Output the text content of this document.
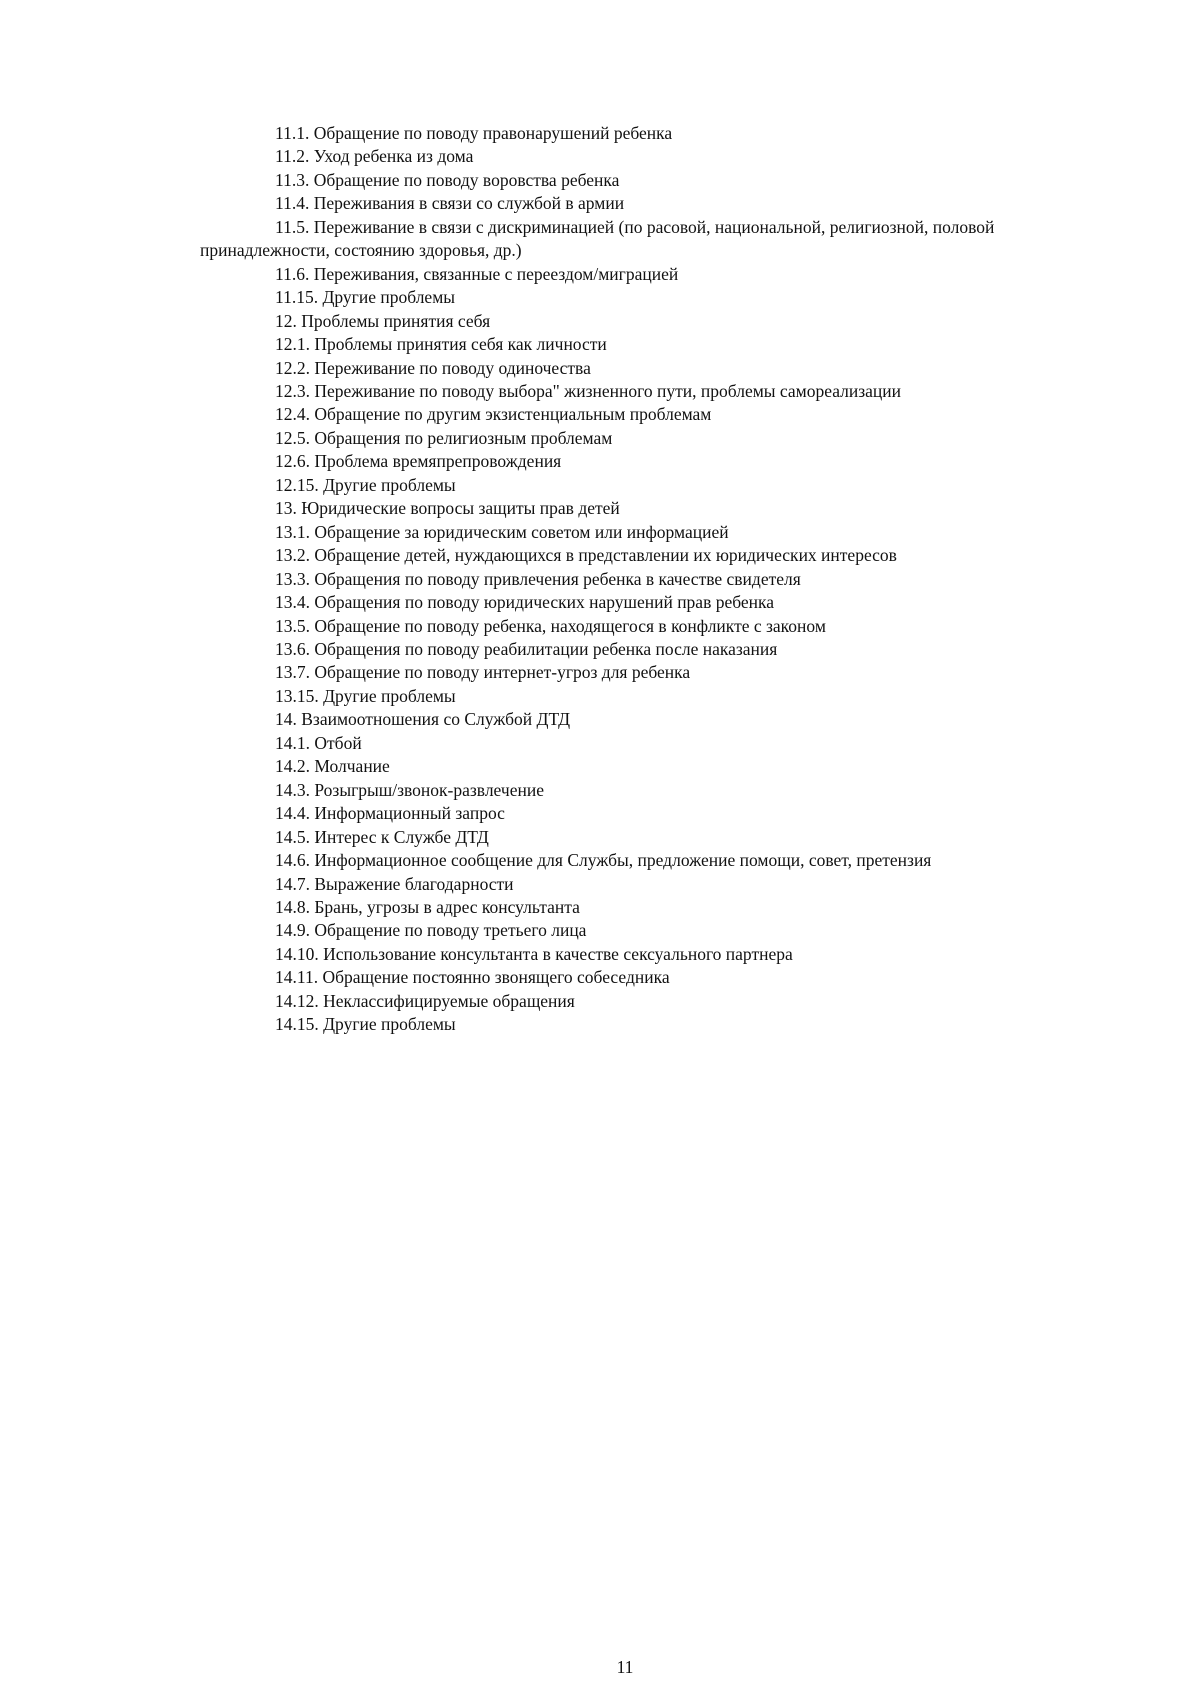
11.1. Обращение по поводу правонарушений ребенка
11.2. Уход ребенка из дома
11.3. Обращение по поводу воровства ребенка
11.4. Переживания в связи со службой в армии
11.5. Переживание в связи с дискриминацией (по расовой, национальной, религиозной, половой
принадлежности, состоянию здоровья, др.)
11.6. Переживания, связанные с переездом/миграцией
11.15. Другие проблемы
12. Проблемы принятия себя
12.1. Проблемы принятия себя как личности
12.2. Переживание по поводу одиночества
12.3. Переживание по поводу выбора" жизненного пути, проблемы самореализации
12.4. Обращение по другим экзистенциальным проблемам
12.5. Обращения по религиозным проблемам
12.6. Проблема времяпрепровождения
12.15. Другие проблемы
13. Юридические вопросы защиты прав детей
13.1. Обращение за юридическим советом или информацией
13.2. Обращение детей, нуждающихся в представлении их юридических интересов
13.3. Обращения по поводу привлечения ребенка в качестве свидетеля
13.4. Обращения по поводу юридических нарушений прав ребенка
13.5. Обращение по поводу ребенка, находящегося в конфликте с законом
13.6. Обращения по поводу реабилитации ребенка после наказания
13.7. Обращение по поводу интернет-угроз для ребенка
13.15. Другие проблемы
14. Взаимоотношения со Службой ДТД
14.1. Отбой
14.2. Молчание
14.3. Розыгрыш/звонок-развлечение
14.4. Информационный запрос
14.5. Интерес к Службе ДТД
14.6. Информационное сообщение для Службы, предложение помощи, совет, претензия
14.7. Выражение благодарности
14.8. Брань, угрозы в адрес консультанта
14.9. Обращение по поводу третьего лица
14.10. Использование консультанта в качестве сексуального партнера
14.11. Обращение постоянно звонящего собеседника
14.12. Неклассифицируемые обращения
14.15. Другие проблемы
11
